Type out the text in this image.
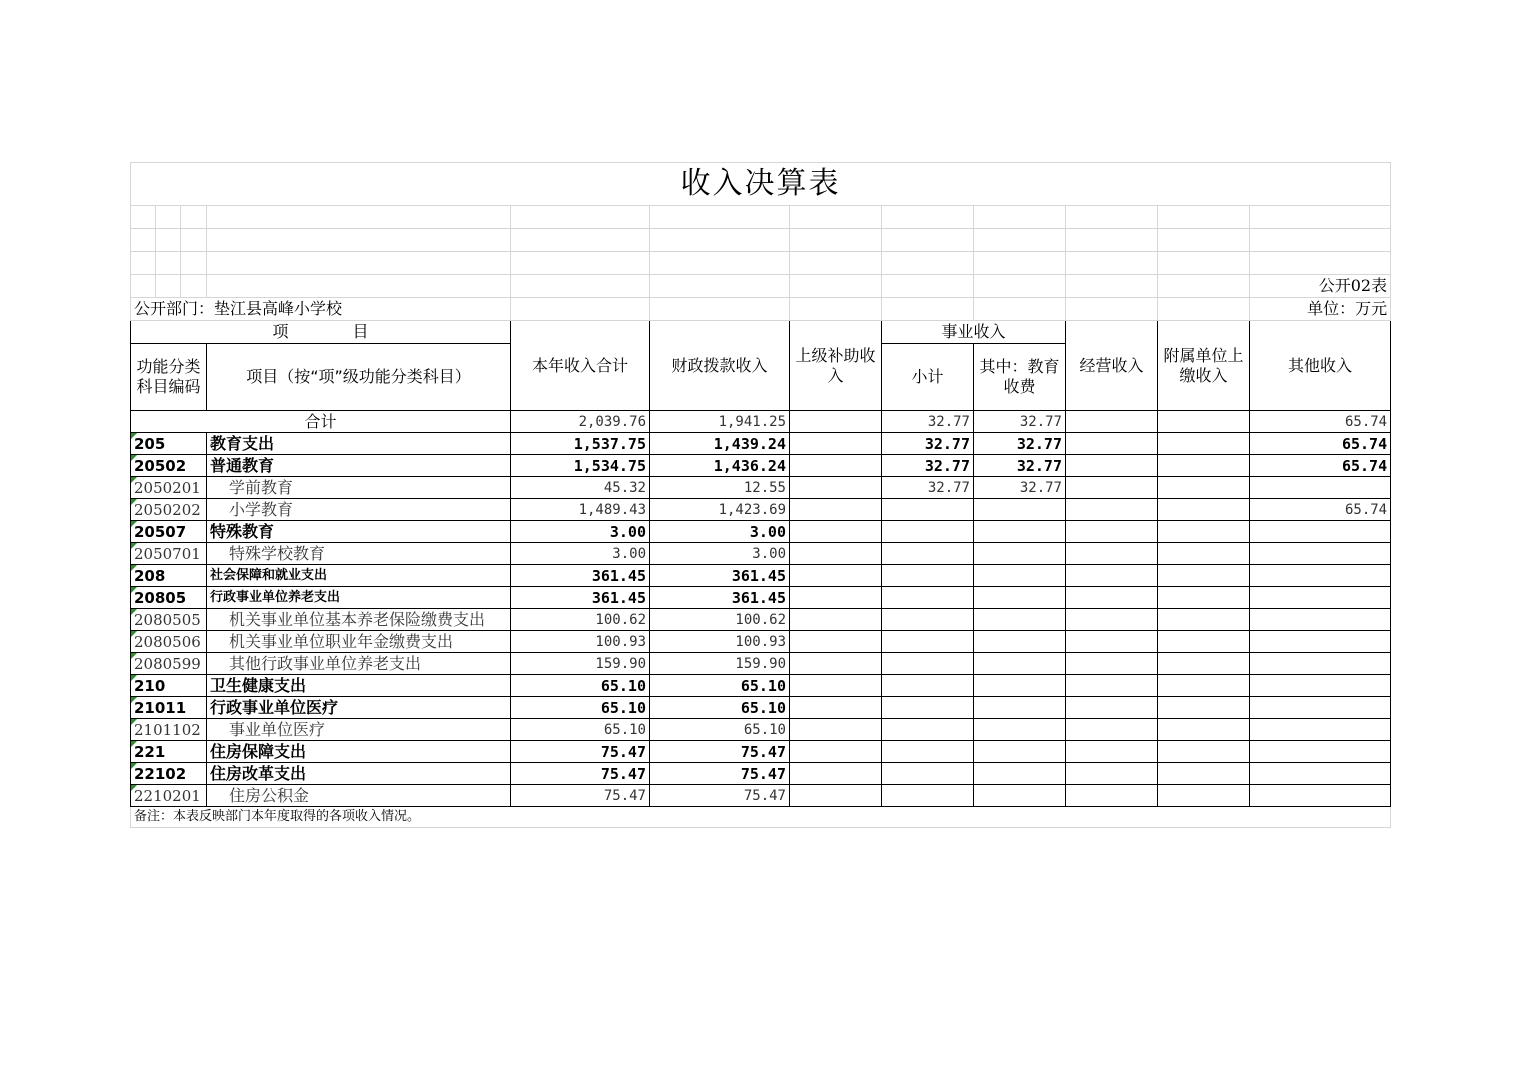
收入决算表											

											公开02表
公开部门：垫江县高峰小学校											单位：万元
项　　　　目				本年收入合计	财政拨款收入	上级补助收入	事业收入		经营收入	附属单位上缴收入	其他收入
功能分类科目编码			项目（按“项”级功能分类科目）				小计	其中：教育收费			
合计				2,039.76	1,941.25		32.77	32.77			65.74
205			教育支出	1,537.75	1,439.24		32.77	32.77			65.74
20502			普通教育	1,534.75	1,436.24		32.77	32.77			65.74
2050201			学前教育	45.32	12.55		32.77	32.77			
2050202			小学教育	1,489.43	1,423.69						65.74
20507			特殊教育	3.00	3.00						
2050701			特殊学校教育	3.00	3.00						
208			社会保障和就业支出	361.45	361.45						
20805			行政事业单位养老支出	361.45	361.45						
2080505			机关事业单位基本养老保险缴费支出	100.62	100.62						
2080506			机关事业单位职业年金缴费支出	100.93	100.93						
2080599			其他行政事业单位养老支出	159.90	159.90						
210			卫生健康支出	65.10	65.10						
21011			行政事业单位医疗	65.10	65.10						
2101102			事业单位医疗	65.10	65.10						
221			住房保障支出	75.47	75.47						
22102			住房改革支出	75.47	75.47						
2210201			住房公积金	75.47	75.47						
备注：本表反映部门本年度取得的各项收入情况。											
